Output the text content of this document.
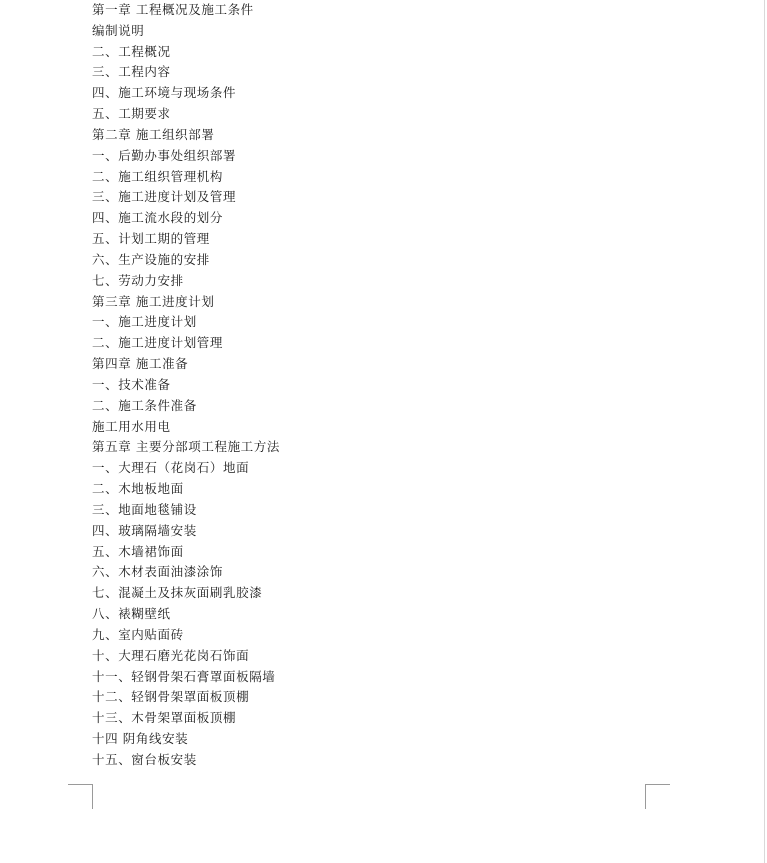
第一章 工程概况及施工条件
编制说明
二、工程概况
三、工程内容
四、施工环境与现场条件
五、工期要求
第二章 施工组织部署
一、后勤办事处组织部署
二、施工组织管理机构
三、施工进度计划及管理
四、施工流水段的划分
五、计划工期的管理
六、生产设施的安排
七、劳动力安排
第三章 施工进度计划
一、施工进度计划
二、施工进度计划管理
第四章 施工准备
一、技术准备
二、施工条件准备
施工用水用电
第五章 主要分部项工程施工方法
一、大理石（花岗石）地面
二、木地板地面
三、地面地毯铺设
四、玻璃隔墙安装
五、木墙裙饰面
六、木材表面油漆涂饰
七、混凝土及抹灰面刷乳胶漆
八、裱糊壁纸
九、室内贴面砖
十、大理石磨光花岗石饰面
十一、轻钢骨架石膏罩面板隔墙
十二、轻钢骨架罩面板顶棚
十三、木骨架罩面板顶棚
十四 阴角线安装
十五、窗台板安装
